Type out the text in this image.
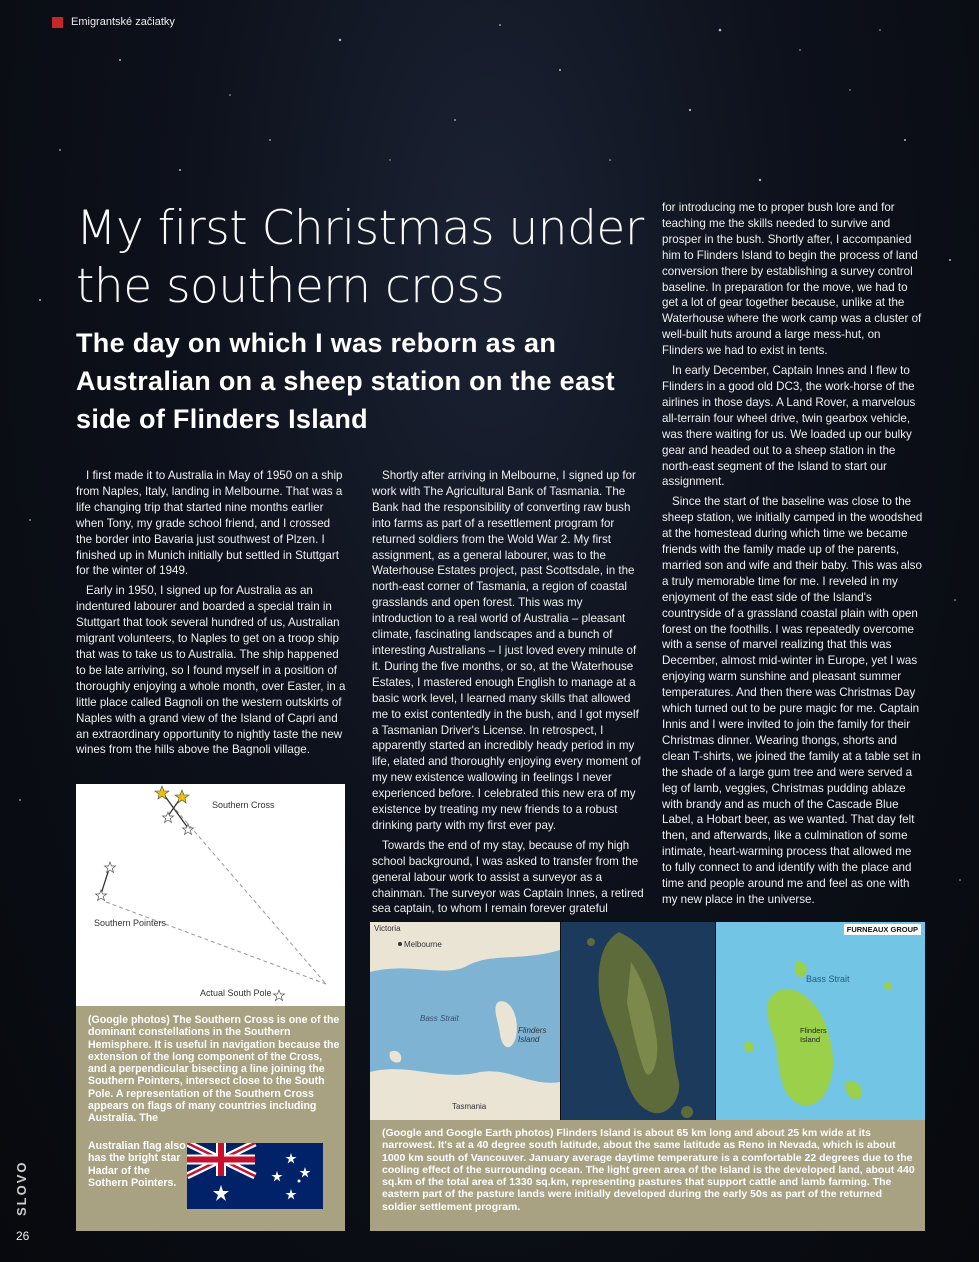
Emigrantské začiatky
My first Christmas under the southern cross
The day on which I was reborn as an Australian on a sheep station on the east side of Flinders Island

I first made it to Australia in May of 1950 on a ship from Naples, Italy, landing in Melbourne. That was a life changing trip that started nine months earlier when Tony, my grade school friend, and I crossed the border into Bavaria just southwest of Plzen. I finished up in Munich initially but settled in Stuttgart for the winter of 1949.

Early in 1950, I signed up for Australia as an indentured labourer and boarded a special train in Stuttgart that took several hundred of us, Australian migrant volunteers, to Naples to get on a troop ship that was to take us to Australia. The ship happened to be late arriving, so I found myself in a position of thoroughly enjoying a whole month, over Easter, in a little place called Bagnoli on the western outskirts of Naples with a grand view of the Island of Capri and an extraordinary opportunity to nightly taste the new wines from the hills above the Bagnoli village.

Shortly after arriving in Melbourne, I signed up for work with The Agricultural Bank of Tasmania. The Bank had the responsibility of converting raw bush into farms as part of a resettlement program for returned soldiers from the Wold War 2. My first assignment, as a general labourer, was to the Waterhouse Estates project, past Scottsdale, in the north-east corner of Tasmania, a region of coastal grasslands and open forest. This was my introduction to a real world of Australia – pleasant climate, fascinating landscapes and a bunch of interesting Australians – I just loved every minute of it. During the five months, or so, at the Waterhouse Estates, I mastered enough English to manage at a basic work level, I learned many skills that allowed me to exist contentedly in the bush, and I got myself a Tasmanian Driver's License. In retrospect, I apparently started an incredibly heady period in my life, elated and thoroughly enjoying every moment of my new existence wallowing in feelings I never experienced before. I celebrated this new era of my existence by treating my new friends to a robust drinking party with my first ever pay.

Towards the end of my stay, because of my high school background, I was asked to transfer from the general labour work to assist a surveyor as a chainman. The surveyor was Captain Innes, a retired sea captain, to whom I remain forever grateful

for introducing me to proper bush lore and for teaching me the skills needed to survive and prosper in the bush. Shortly after, I accompanied him to Flinders Island to begin the process of land conversion there by establishing a survey control baseline. In preparation for the move, we had to get a lot of gear together because, unlike at the Waterhouse where the work camp was a cluster of well-built huts around a large mess-hut, on Flinders we had to exist in tents.

In early December, Captain Innes and I flew to Flinders in a good old DC3, the work-horse of the airlines in those days. A Land Rover, a marvelous all-terrain four wheel drive, twin gearbox vehicle, was there waiting for us. We loaded up our bulky gear and headed out to a sheep station in the north-east segment of the Island to start our assignment.

Since the start of the baseline was close to the sheep station, we initially camped in the woodshed at the homestead during which time we became friends with the family made up of the parents, married son and wife and their baby. This was also a truly memorable time for me. I reveled in my enjoyment of the east side of the Island's countryside of a grassland coastal plain with open forest on the foothills. I was repeatedly overcome with a sense of marvel realizing that this was December, almost mid-winter in Europe, yet I was enjoying warm sunshine and pleasant summer temperatures. And then there was Christmas Day which turned out to be pure magic for me. Captain Innis and I were invited to join the family for their Christmas dinner. Wearing thongs, shorts and clean T-shirts, we joined the family at a table set in the shade of a large gum tree and were served a leg of lamb, veggies, Christmas pudding ablaze with brandy and as much of the Cascade Blue Label, a Hobart beer, as we wanted. That day felt then, and afterwards, like a culmination of some intimate, heart-warming process that allowed me to fully connect to and identify with the place and time and people around me and feel as one with my new place in the universe.

Southern Cross
Southern Pointers
Actual South Pole
(Google photos) The Southern Cross is one of the dominant constellations in the Southern Hemisphere. It is useful in navigation because the extension of the long component of the Cross, and a perpendicular bisecting a line joining the Southern Pointers, intersect close to the South Pole. A representation of the Southern Cross appears on flags of many countries including Australia. The
Australian flag also has the bright star Hadar of the Sothern Pointers.
Victoria
Melbourne
Bass Strait
Flinders Island
Tasmania
FURNEAUX GROUP
Bass Strait
Flinders Island
(Google and Google Earth photos) Flinders Island is about 65 km long and about 25 km wide at its narrowest. It's at a 40 degree south latitude, about the same latitude as Reno in Nevada, which is about 1000 km south of Vancouver. January average daytime temperature is a comfortable 22 degrees due to the cooling effect of the surrounding ocean. The light green area of the Island is the developed land, about 440 sq.km of the total area of 1330 sq.km, representing pastures that support cattle and lamb farming. The eastern part of the pasture lands were initially developed during the early 50s as part of the returned soldier settlement program.
SLOVO
26
